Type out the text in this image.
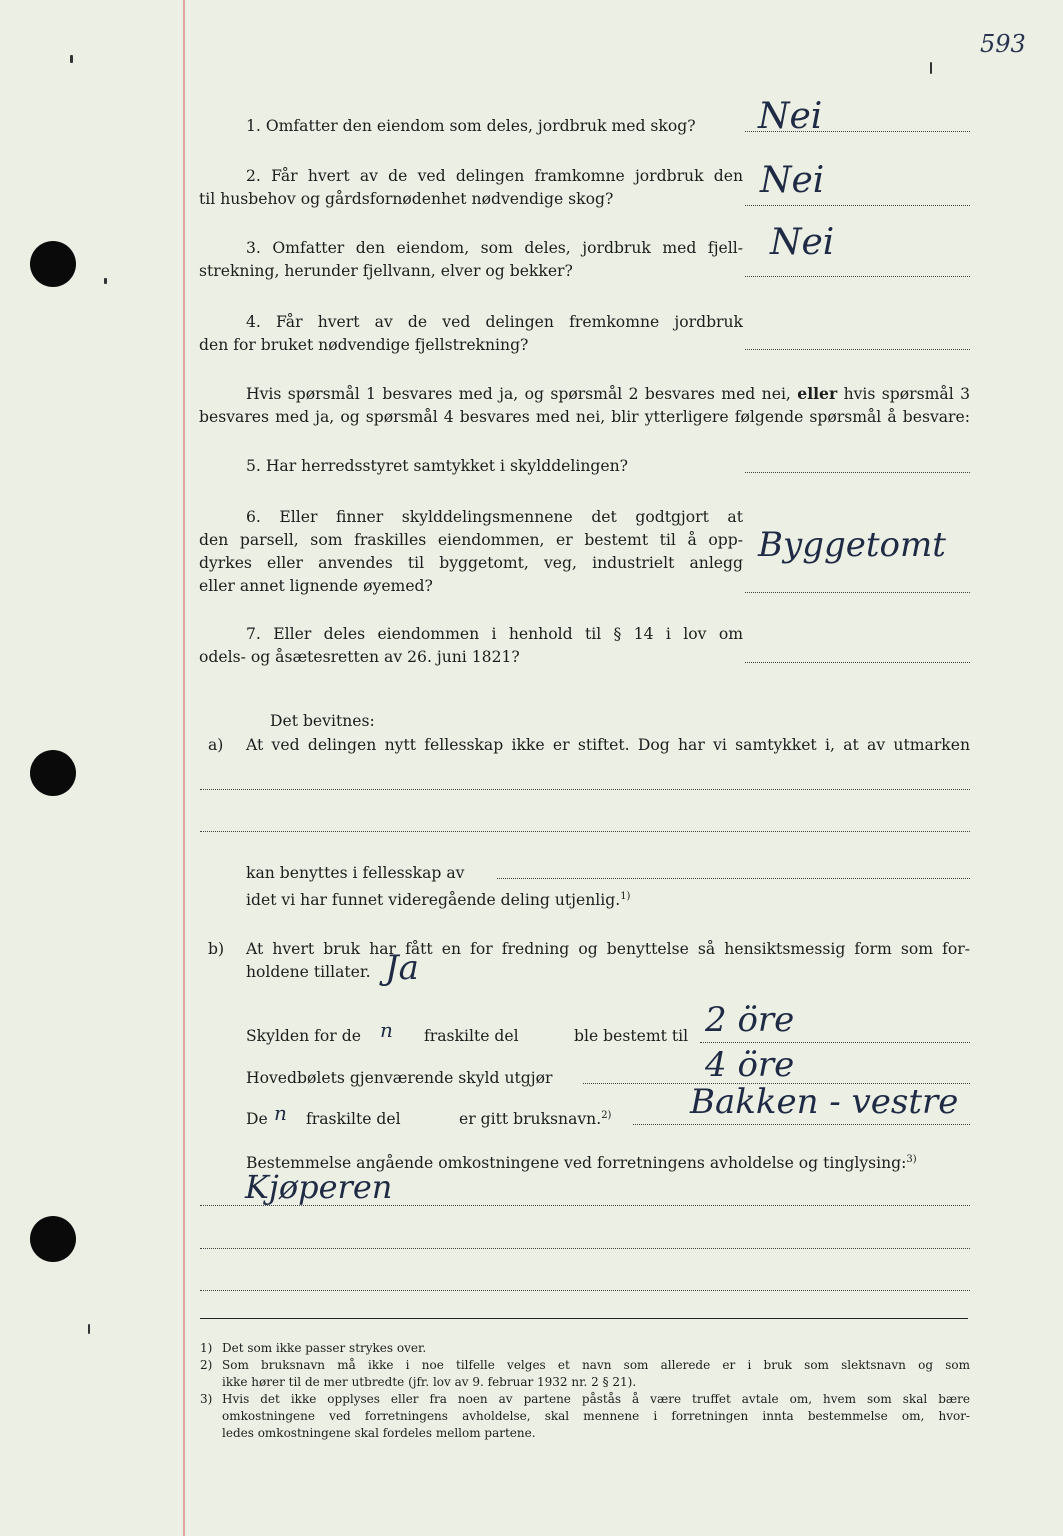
593
1. Omfatter den eiendom som deles, jordbruk med skog? Nei
2. Får hvert av de ved delingen framkomne jordbruk den
til husbehov og gårdsfornødenhet nødvendige skog?	Nei
3. Omfatter den eiendom, som deles, jordbruk med fjell-
strekning, herunder fjellvann, elver og bekker?
Nei
4. Får hvert av de ved delingen fremkomne jordbruk
den for bruket nødvendige fjellstrekning?
Hvis spørsmål 1 besvares med ja, og spørsmål 2 besvares med nei, eller hvis spørsmål 3
besvares med ja, og spørsmål 4 besvares med nei, blir ytterligere følgende spørsmål å besvare:
5. Har herredsstyret samtykket i skylddelingen?
6. Eller finner skylddelingsmennene det godtgjort at
den parsell, som fraskilles eiendommen, er bestemt til å opp-
dyrkes eller anvendes til byggetomt, veg, industrielt anlegg
eller annet lignende øyemed?
Byggetomt
7. Eller deles eiendommen i henhold til § 14 i lov om
odels- og åsætesretten av 26. juni 1821?
Det bevitnes:
a) At ved delingen nytt fellesskap ikke er stiftet. Dog har vi samtykket i, at av utmarken
kan benyttes i fellesskap av
idet vi har funnet videregående deling utjenlig.$^{1)}$
b) At hvert bruk har fått en for fredning og benyttelse så hensiktsmessig form som for-
holdene tillater. Ja
Skylden for de n fraskilte del	ble bestemt til 2 öre
Hovedbølets gjenværende skyld utgjør	4 öre
De n fraskilte del	er gitt bruksnavn.$^{2)}$ Bakken - vestre
Bestemmelse angående omkostningene ved forretningens avholdelse og tinglysing:$^{3)}$
Kjøperen
1) Det som ikke passer strykes over.
2) Som bruksnavn må ikke i noe tilfelle velges et navn som allerede er i bruk som slektsnavn og som
ikke hører til de mer utbredte (jfr. lov av 9. februar 1932 nr. 2 § 21).
3) Hvis det ikke opplyses eller fra noen av partene påstås å være truffet avtale om, hvem som skal bære
omkostningene ved forretningens avholdelse, skal mennene i forretningen innta bestemmelse om, hvor-
ledes omkostningene skal fordeles mellom partene.
